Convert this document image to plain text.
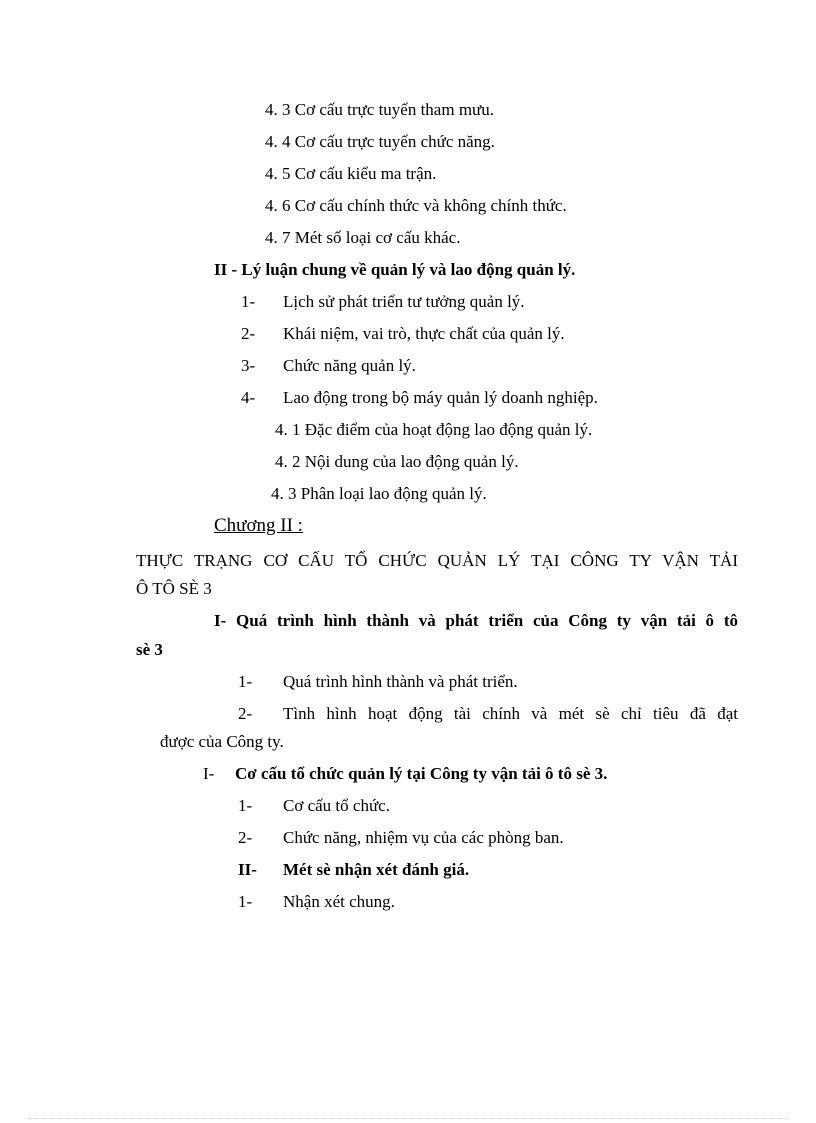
4. 3 Cơ cấu trực tuyến tham mưu.
4. 4 Cơ cấu trực tuyến chức năng.
4. 5 Cơ cấu kiểu ma trận.
4. 6 Cơ cấu chính thức và không chính thức.
4. 7 Mét số loại cơ cấu khác.
II - Lý luận chung về quản lý và lao động quản lý.
1- Lịch sử phát triển tư tưởng quản lý.
2- Khái niệm, vai trò, thực chất của quản lý.
3- Chức năng quản lý.
4- Lao động trong bộ máy quản lý doanh nghiệp.
4. 1 Đặc điểm của hoạt động lao động quản lý.
4. 2 Nội dung của lao động quản lý.
4. 3 Phân loại lao động quản lý.
Chương II :
THỰC TRẠNG CƠ CẤU TỔ CHỨC QUẢN LÝ TẠI CÔNG TY VẬN TẢI
Ô TÔ SÈ 3
I- Quá trình hình thành và phát triển của Công ty vận tải ô tô
sè 3
1- Quá trình hình thành và phát triển.
2- Tình hình hoạt động tài chính và mét sè chỉ tiêu đã đạt
được của Công ty.
I- Cơ cấu tổ chức quản lý tại Công ty vận tải ô tô sè 3.
1- Cơ cấu tổ chức.
2- Chức năng, nhiệm vụ của các phòng ban.
II- Mét sè nhận xét đánh giá.
1- Nhận xét chung.
